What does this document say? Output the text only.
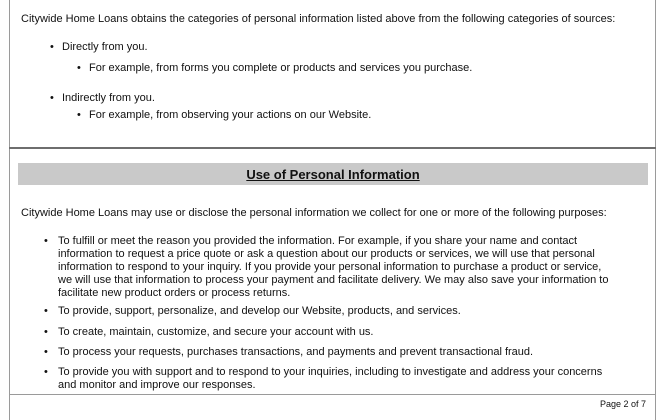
Citywide Home Loans obtains the categories of personal information listed above from the following categories of sources:
• Directly from you.
• For example, from forms you complete or products and services you purchase.
• Indirectly from you.
• For example, from observing your actions on our Website.
Use of Personal Information
Citywide Home Loans may use or disclose the personal information we collect for one or more of the following purposes:
• To fulfill or meet the reason you provided the information. For example, if you share your name and contact
information to request a price quote or ask a question about our products or services, we will use that personal
information to respond to your inquiry. If you provide your personal information to purchase a product or service,
we will use that information to process your payment and facilitate delivery. We may also save your information to
facilitate new product orders or process returns.
• To provide, support, personalize, and develop our Website, products, and services.
• To create, maintain, customize, and secure your account with us.
• To process your requests, purchases transactions, and payments and prevent transactional fraud.
• To provide you with support and to respond to your inquiries, including to investigate and address your concerns
and monitor and improve our responses.
Page 2 of 7
